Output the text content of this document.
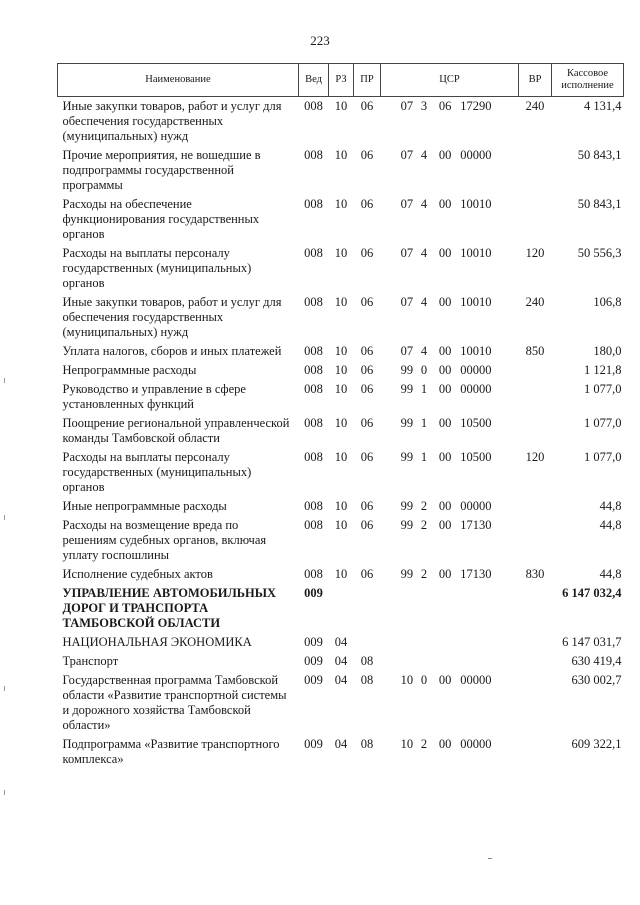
223
Наименование	Вед	РЗ	ПР	ЦСР	ВР	Кассовое исполнение
Иные закупки товаров, работ и услуг для обеспечения государственных (муниципальных) нужд	008	10	06	07 3 06 17290	240	4 131,4
Прочие мероприятия, не вошедшие в подпрограммы государственной программы	008	10	06	07 4 00 00000		50 843,1
Расходы на обеспечение функционирования государственных органов	008	10	06	07 4 00 10010		50 843,1
Расходы на выплаты персоналу государственных (муниципальных) органов	008	10	06	07 4 00 10010	120	50 556,3
Иные закупки товаров, работ и услуг для обеспечения государственных (муниципальных) нужд	008	10	06	07 4 00 10010	240	106,8
Уплата налогов, сборов и иных платежей	008	10	06	07 4 00 10010	850	180,0
Непрограммные расходы	008	10	06	99 0 00 00000		1 121,8
Руководство и управление в сфере установленных функций	008	10	06	99 1 00 00000		1 077,0
Поощрение региональной управленческой команды Тамбовской области	008	10	06	99 1 00 10500		1 077,0
Расходы на выплаты персоналу государственных (муниципальных) органов	008	10	06	99 1 00 10500	120	1 077,0
Иные непрограммные расходы	008	10	06	99 2 00 00000		44,8
Расходы на возмещение вреда по решениям судебных органов, включая уплату госпошлины	008	10	06	99 2 00 17130		44,8
Исполнение судебных актов	008	10	06	99 2 00 17130	830	44,8
УПРАВЛЕНИЕ АВТОМОБИЛЬНЫХ ДОРОГ И ТРАНСПОРТА ТАМБОВСКОЙ ОБЛАСТИ	009					6 147 032,4
НАЦИОНАЛЬНАЯ ЭКОНОМИКА	009	04				6 147 031,7
Транспорт	009	04	08			630 419,4
Государственная программа Тамбовской области «Развитие транспортной системы и дорожного хозяйства Тамбовской области»	009	04	08	10 0 00 00000		630 002,7
Подпрограмма «Развитие транспортного комплекса»	009	04	08	10 2 00 00000		609 322,1
